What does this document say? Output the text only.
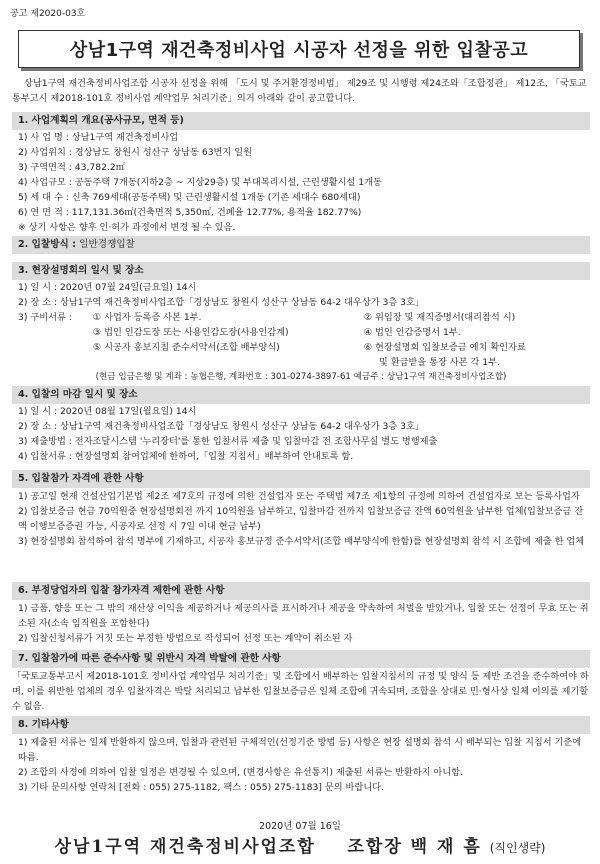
공고 제2020-03호
상남1구역 재건축정비사업 시공자 선정을 위한 입찰공고
상남1구역 재건축정비사업조합 시공자 선정을 위해 「도시 및 주거환경정비법」 제29조 및 시행령 제24조와「조합정관」 제12조, 「국토교통부고시 제2018-101호 정비사업 계약업무 처리기준」의거 아래와 같이 공고합니다.
1. 사업계획의 개요(공사규모, 면적 등)
1) 사 업 명 : 상남1구역 재건축정비사업
2) 사업위치 : 경상남도 창원시 성산구 상남동 63번지 일원
3) 구역면적 : 43,782.2㎡
4) 사업규모 : 공동주택 7개동(지하2층 ~ 지상29층) 및 부대복리시설, 근린생활시설 1개동
5) 세 대 수 : 신축 769세대(공동주택) 및 근린생활시설 1개동 (기존 세대수 680세대)
6) 연 면 적 : 117,131.36㎡(건축면적 5,350㎡, 건폐율 12.77%, 용적율 182.77%)
※ 상기 사항은 향후 인·허가 과정에서 변경 될 수 있음.
2. 입찰방식 : 일반경쟁입찰
3. 현장설명회의 일시 및 장소
1) 일 시 : 2020년 07월 24일(금요일) 14시
2) 장 소 : 상남1구역 재건축정비사업조합「경상남도 창원시 성산구 상남동 64-2 대우상가 3층 3호」
3) 구비서류 : ① 사업자 등록증 사본 1부.	② 위임장 및 재직증명서(대리참석 시)
③ 법인 인감도장 또는 사용인감도장(사용인감계)	④ 법인 인감증명서 1부.
⑤ 시공자 홍보지침 준수서약서(조합 배부양식)	⑥ 현장설명회 입찰보증금 예치 확인자료
및 환급받을 통장 사본 각 1부.
(현금 입금은행 및 계좌 : 농협은행, 계좌번호 : 301-0274-3897-61 예금주 : 상남1구역 재건축정비사업조합)
4. 입찰의 마감 일시 및 장소
1) 일 시 : 2020년 08월 17일(월요일) 14시
2) 장 소 : 상남1구역 재건축정비사업조합「경상남도 창원시 성산구 상남동 64-2 대우상가 3층 3호」
3) 제출방법 : 전자조달시스템 '누리장터'를 통한 입찰서류 제출 및 입찰마감 전 조합사무실 별도 병행제출
4) 입찰서류 : 현장설명회 참여업체에 한하여,「입찰 지침서」배부하여 안내토록 함.
5. 입찰참가 자격에 관한 사항
1) 공고일 현재 건설산업기본법 제2조 제7호의 규정에 의한 건설업자 또는 주택법 제7조 제1항의 규정에 의하여 건설업자로 보는 등록사업자
2) 입찰보증금 현금 70억원중 현장설명회전 까지 10억원을 납부하고, 입찰마감 전까지 입찰보증금 잔액 60억원을 납부한 업체(입찰보증금 잔액 이행보증증권 가능, 시공자로 선정 시 7일 이내 현금 납부)
3) 현장설명회 참석하여 참석 명부에 기재하고, 시공자 홍보규정 준수서약서(조합 배부양식에 한함)를 현장설명회 참석 시 조합에 제출 한 업체
6. 부정당업자의 입찰 참가자격 제한에 관한 사항
1) 금품, 향응 또는 그 밖의 재산상 이익을 제공하거나 제공의사를 표시하거나 제공을 약속하여 처벌을 받았거나, 입찰 또는 선정이 무효 또는 취소된 자(소속 임직원을 포함한다)
2) 입찰신청서류가 거짓 또는 부정한 방법으로 작성되어 선정 또는 계약이 취소된 자
7. 입찰참가에 따른 준수사항 및 위반시 자격 박탈에 관한 사항
「국토교통부고시 제2018-101호 정비사업 계약업무 처리기준」및 조합에서 배부하는 입찰지침서의 규정 및 양식 등 제반 조건을 준수하여야 하며, 이를 위반한 업체의 경우 입찰자격은 박탈 처리되고 납부한 입찰보증금은 일체 조합에 귀속되며, 조합을 상대로 민·형사상 일체 이의를 제기할 수 없음.
8. 기타사항
1) 제출된 서류는 일체 반환하지 않으며, 입찰과 관련된 구체적인(선정기준 방법 등) 사항은 현장 설명회 참석 시 배부되는 입찰 지침서 기준에 따름.
2) 조합의 사정에 의하여 입찰 일정은 변경될 수 있으며, (변경사항은 유선통지) 제출된 서류는 반환하지 아니함.
3) 기타 문의사항 연락처 [전화 : 055) 275-1182, 팩스 : 055) 275-1183] 문의 바랍니다.
2020년 07월 16일
상남1구역 재건축정비사업조합 조합장 백 재 흠 (직인생략)
